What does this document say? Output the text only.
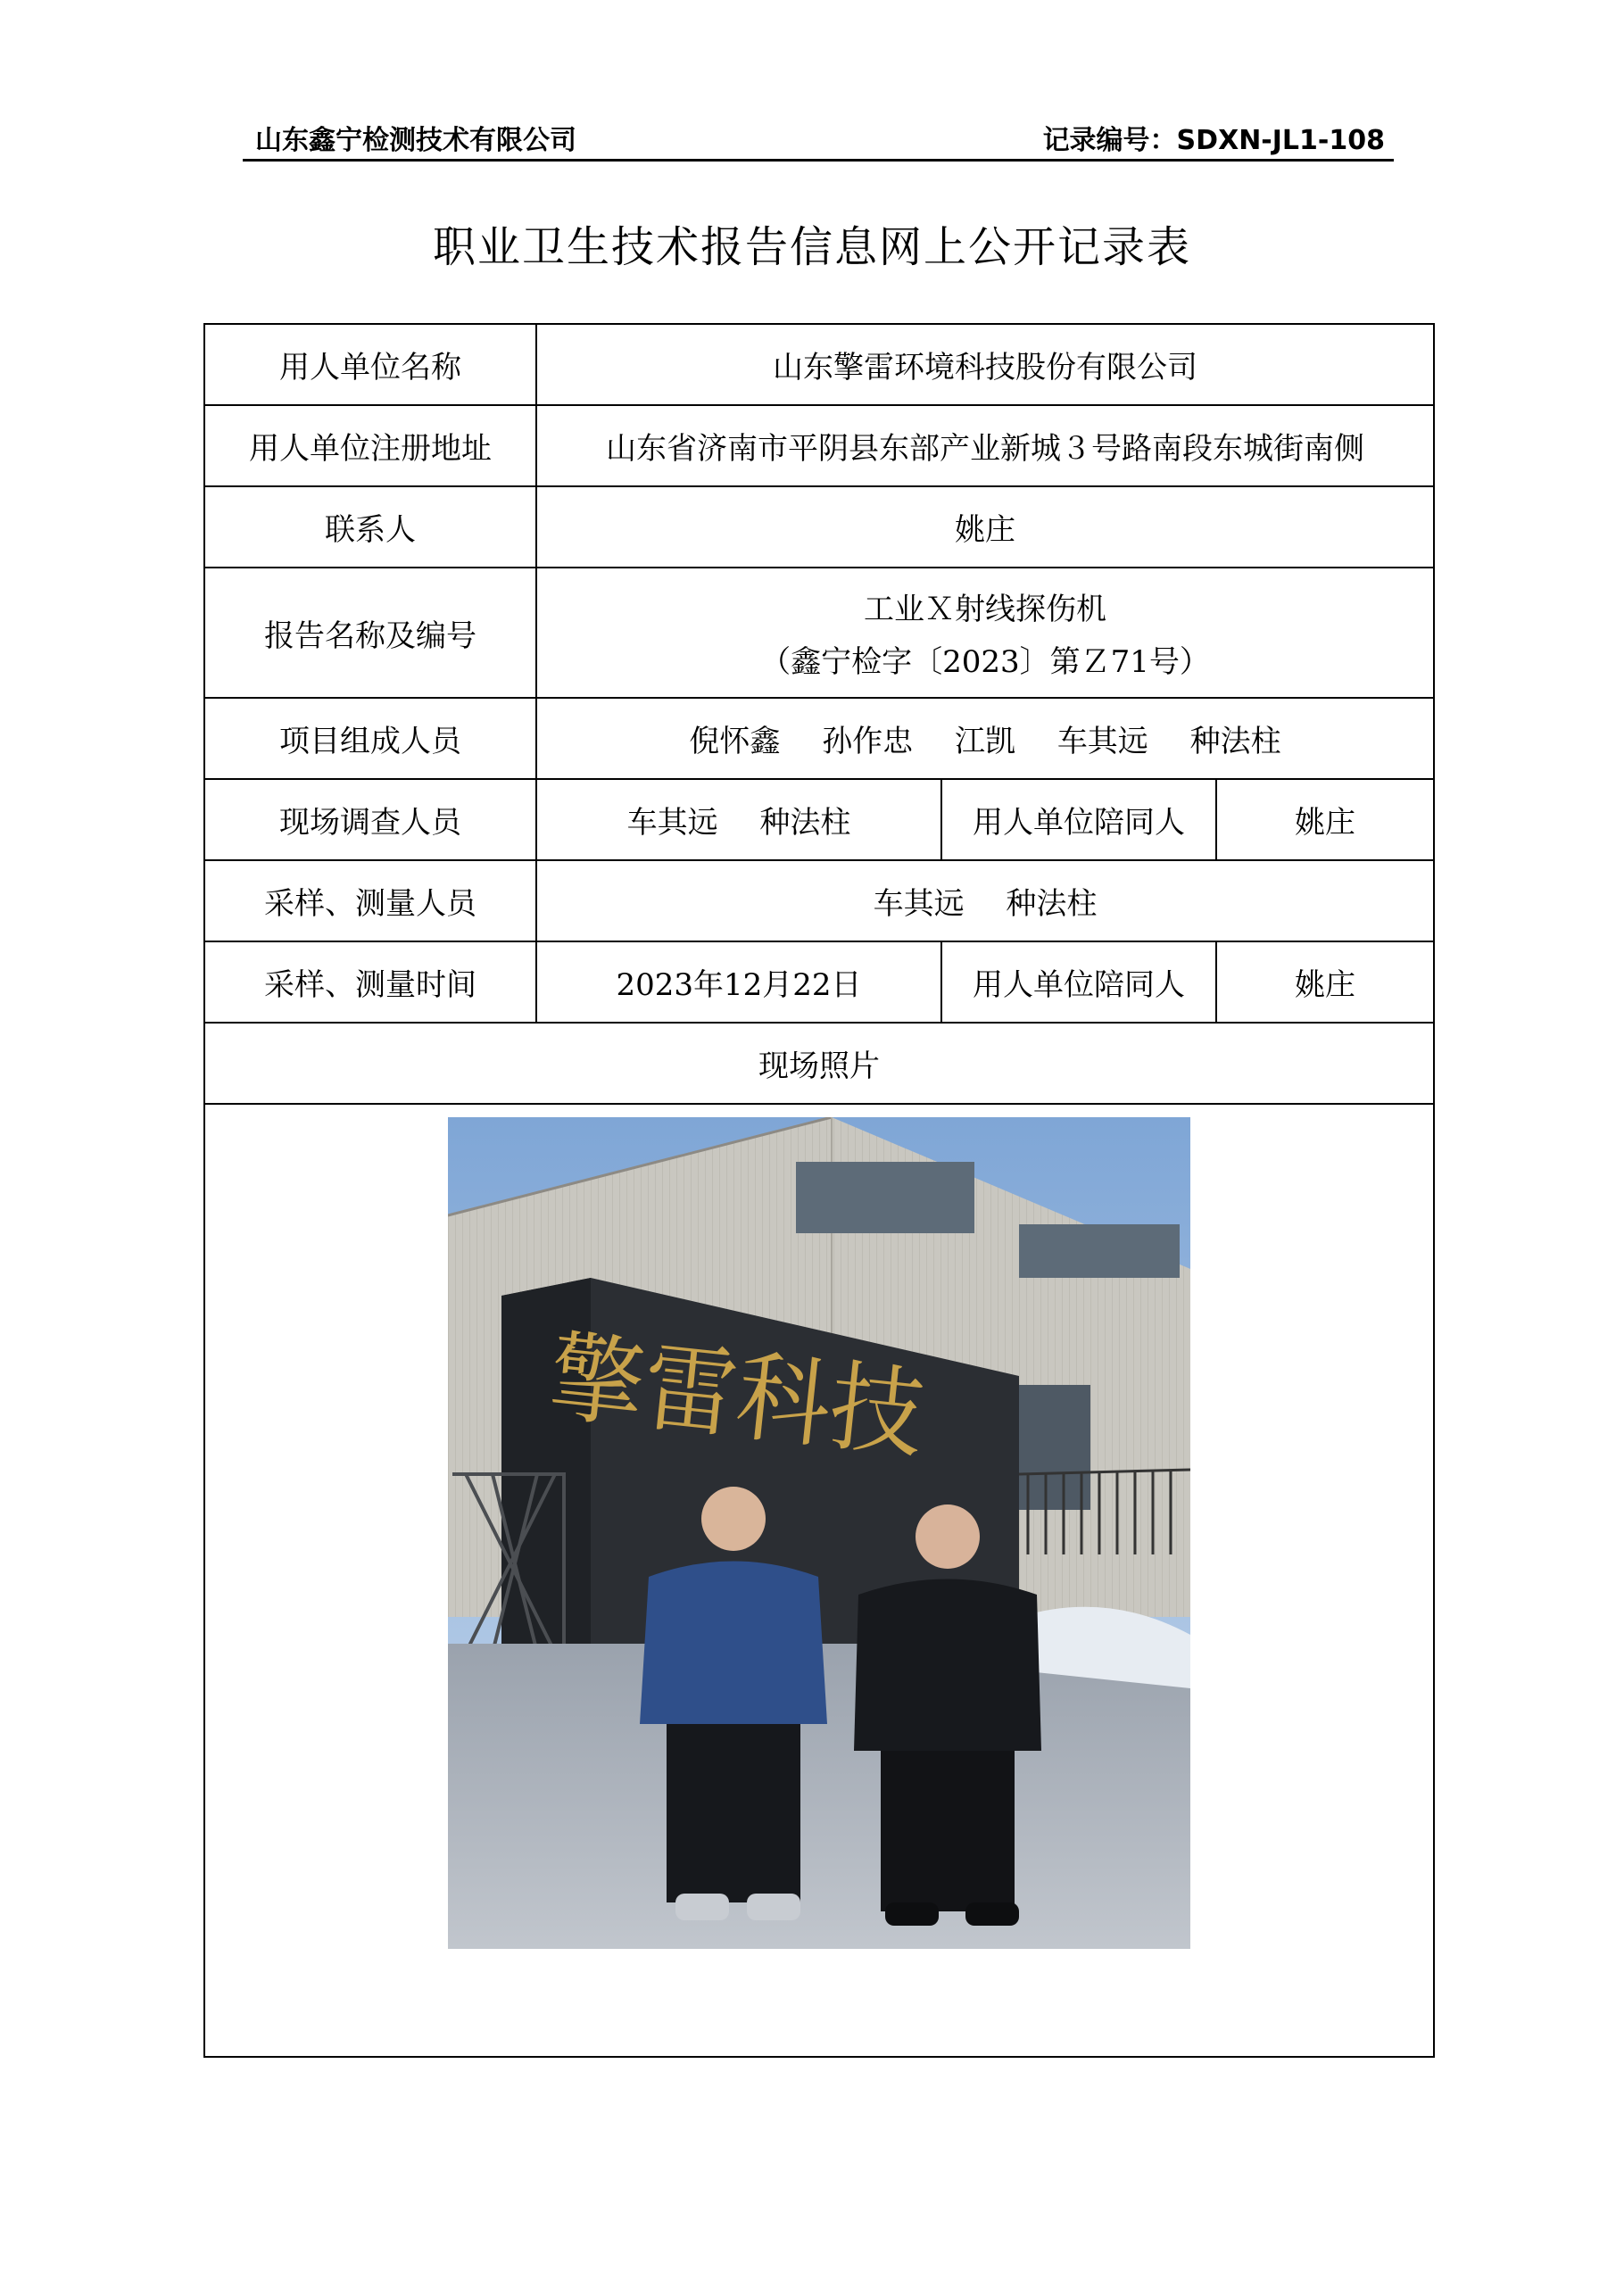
山东鑫宁检测技术有限公司	记录编号：SDXN-JL1-108
职业卫生技术报告信息网上公开记录表
用人单位名称	山东擎雷环境科技股份有限公司		
用人单位注册地址	山东省济南市平阴县东部产业新城３号路南段东城街南侧		
联系人	姚庄		
报告名称及编号	工业Ｘ射线探伤机
（鑫宁检字〔2023〕第Ｚ71号）		

项目组成人员	倪怀鑫 孙作忠 江凯 车其远 种法柱		
现场调查人员	车其远 种法柱	用人单位陪同人	姚庄
采样、测量人员	车其远 种法柱		
采样、测量时间	2023年12月22日	用人单位陪同人	姚庄
现场照片			

擎雷科技			
